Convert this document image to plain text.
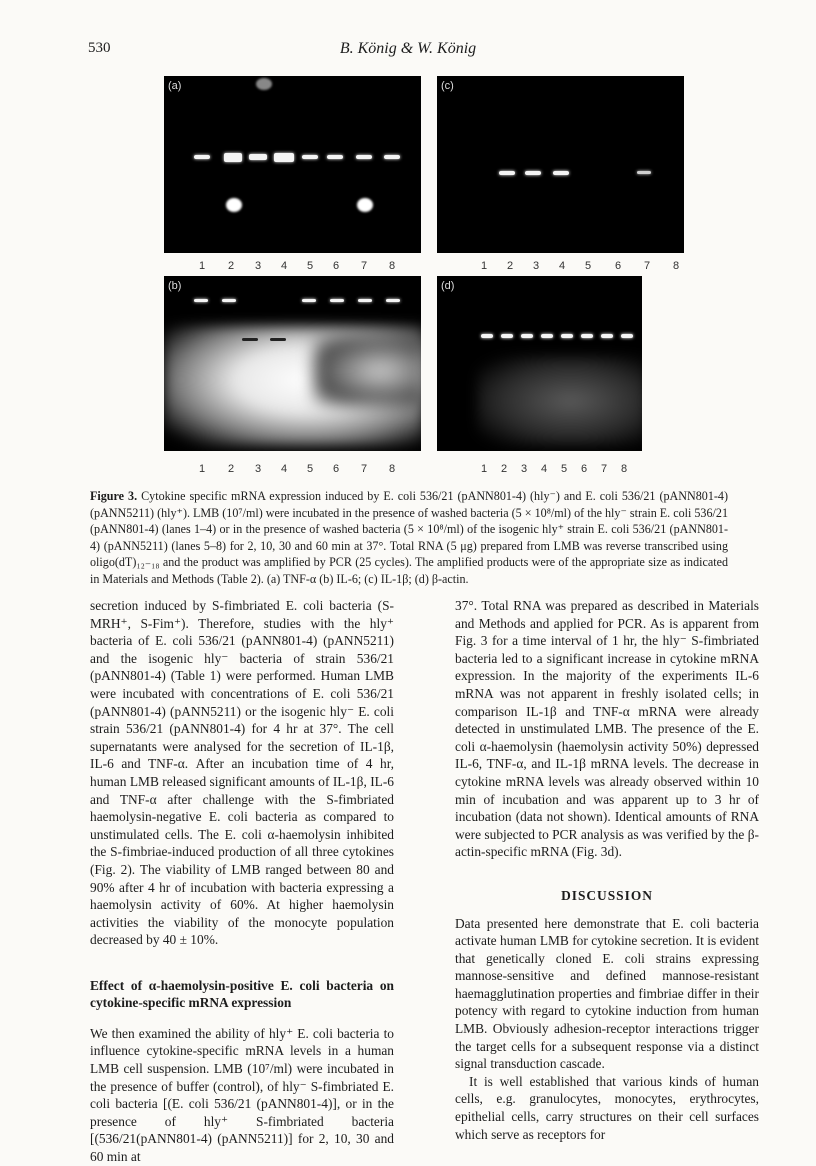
530	B. König & W. König
(a)
1 2 3 4 5 6 7 8
(c)
1 2 3 4 5 6 7 8
(b)
1 2 3 4 5 6 7 8
(d)
1 2 3 4 5 6 7 8
Figure 3. Cytokine specific mRNA expression induced by E. coli 536/21 (pANN801-4) (hly⁻) and E. coli 536/21 (pANN801-4) (pANN5211) (hly⁺). LMB (10⁷/ml) were incubated in the presence of washed bacteria (5 × 10⁸/ml) of the hly⁻ strain E. coli 536/21 (pANN801-4) (lanes 1–4) or in the presence of washed bacteria (5 × 10⁸/ml) of the isogenic hly⁺ strain E. coli 536/21 (pANN801-4) (pANN5211) (lanes 5–8) for 2, 10, 30 and 60 min at 37°. Total RNA (5 μg) prepared from LMB was reverse transcribed using oligo(dT)₁₂₋₁₈ and the product was amplified by PCR (25 cycles). The amplified products were of the appropriate size as indicated in Materials and Methods (Table 2). (a) TNF-α (b) IL-6; (c) IL-1β; (d) β-actin.

secretion induced by S-fimbriated E. coli bacteria (S-MRH⁺, S-Fim⁺). Therefore, studies with the hly⁺ bacteria of E. coli 536/21 (pANN801-4) (pANN5211) and the isogenic hly⁻ bacteria of strain 536/21 (pANN801-4) (Table 1) were performed. Human LMB were incubated with concentrations of E. coli 536/21 (pANN801-4) (pANN5211) or the isogenic hly⁻ E. coli strain 536/21 (pANN801-4) for 4 hr at 37°. The cell supernatants were analysed for the secretion of IL-1β, IL-6 and TNF-α. After an incubation time of 4 hr, human LMB released significant amounts of IL-1β, IL-6 and TNF-α after challenge with the S-fimbriated haemolysin-negative E. coli bacteria as compared to unstimulated cells. The E. coli α-haemolysin inhibited the S-fimbriae-induced production of all three cytokines (Fig. 2). The viability of LMB ranged between 80 and 90% after 4 hr of incubation with bacteria expressing a haemolysin activity of 60%. At higher haemolysin activities the viability of the monocyte population decreased by 40 ± 10%.

Effect of α-haemolysin-positive E. coli bacteria on cytokine-specific mRNA expression

We then examined the ability of hly⁺ E. coli bacteria to influence cytokine-specific mRNA levels in a human LMB cell suspension. LMB (10⁷/ml) were incubated in the presence of buffer (control), of hly⁻ S-fimbriated E. coli bacteria [(E. coli 536/21 (pANN801-4)], or in the presence of hly⁺ S-fimbriated bacteria [(536/21(pANN801-4) (pANN5211)] for 2, 10, 30 and 60 min at

37°. Total RNA was prepared as described in Materials and Methods and applied for PCR. As is apparent from Fig. 3 for a time interval of 1 hr, the hly⁻ S-fimbriated bacteria led to a significant increase in cytokine mRNA expression. In the majority of the experiments IL-6 mRNA was not apparent in freshly isolated cells; in comparison IL-1β and TNF-α mRNA were already detected in unstimulated LMB. The presence of the E. coli α-haemolysin (haemolysin activity 50%) depressed IL-6, TNF-α, and IL-1β mRNA levels. The decrease in cytokine mRNA levels was already observed within 10 min of incubation and was apparent up to 3 hr of incubation (data not shown). Identical amounts of RNA were subjected to PCR analysis as was verified by the β-actin-specific mRNA (Fig. 3d).

DISCUSSION

Data presented here demonstrate that E. coli bacteria activate human LMB for cytokine secretion. It is evident that genetically cloned E. coli strains expressing mannose-sensitive and defined mannose-resistant haemagglutination properties and fimbriae differ in their potency with regard to cytokine induction from human LMB. Obviously adhesion-receptor interactions trigger the target cells for a subsequent response via a distinct signal transduction cascade.

It is well established that various kinds of human cells, e.g. granulocytes, monocytes, erythrocytes, epithelial cells, carry structures on their cell surfaces which serve as receptors for
